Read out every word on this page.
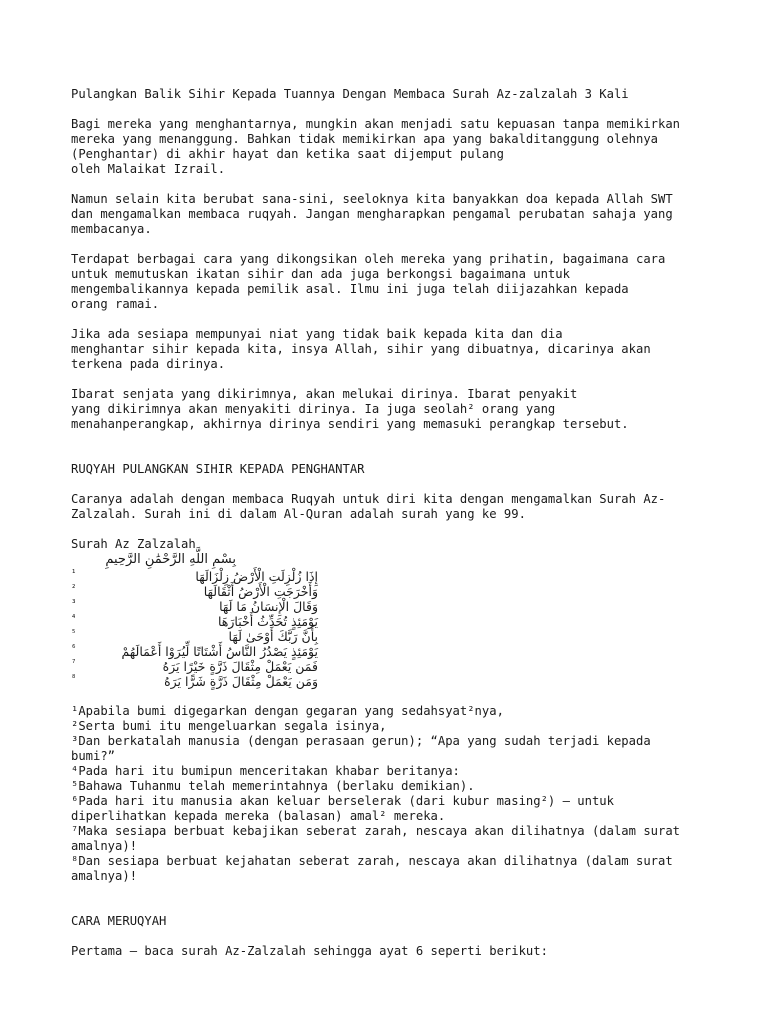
Pulangkan Balik Sihir Kepada Tuannya Dengan Membaca Surah Az-zalzalah 3 Kali
Bagi mereka yang menghantarnya, mungkin akan menjadi satu kepuasan tanpa memikirkan
mereka yang menanggung. Bahkan tidak memikirkan apa yang bakalditanggung olehnya
(Penghantar) di akhir hayat dan ketika saat dijemput pulang
oleh Malaikat Izrail.
Namun selain kita berubat sana-sini, seeloknya kita banyakkan doa kepada Allah SWT
dan mengamalkan membaca ruqyah. Jangan mengharapkan pengamal perubatan sahaja yang
membacanya.
Terdapat berbagai cara yang dikongsikan oleh mereka yang prihatin, bagaimana cara
untuk memutuskan ikatan sihir dan ada juga berkongsi bagaimana untuk
mengembalikannya kepada pemilik asal. Ilmu ini juga telah diijazahkan kepada
orang ramai.
Jika ada sesiapa mempunyai niat yang tidak baik kepada kita dan dia
menghantar sihir kepada kita, insya Allah, sihir yang dibuatnya, dicarinya akan
terkena pada dirinya.
Ibarat senjata yang dikirimnya, akan melukai dirinya. Ibarat penyakit
yang dikirimnya akan menyakiti dirinya. Ia juga seolah² orang yang
menahanperangkap, akhirnya dirinya sendiri yang memasuki perangkap tersebut.
RUQYAH PULANGKAN SIHIR KEPADA PENGHANTAR
Caranya adalah dengan membaca Ruqyah untuk diri kita dengan mengamalkan Surah Az-
Zalzalah. Surah ini di dalam Al-Quran adalah surah yang ke 99.
Surah Az Zalzalah
بِسْمِ اللَّهِ الرَّحْمَٰنِ الرَّحِيمِ
¹	إِذَا زُلْزِلَتِ الْأَرْضُ زِلْزَالَهَا
²	وَأَخْرَجَتِ الْأَرْضُ أَثْقَالَهَا
³	وَقَالَ الْإِنسَانُ مَا لَهَا
⁴	يَوْمَئِذٍ تُحَدِّثُ أَخْبَارَهَا
⁵	بِأَنَّ رَبَّكَ أَوْحَىٰ لَهَا
⁶	يَوْمَئِذٍ يَصْدُرُ النَّاسُ أَشْتَاتًا لِّيُرَوْا أَعْمَالَهُمْ
⁷	فَمَن يَعْمَلْ مِثْقَالَ ذَرَّةٍ خَيْرًا يَرَهُ
⁸	وَمَن يَعْمَلْ مِثْقَالَ ذَرَّةٍ شَرًّا يَرَهُ
¹Apabila bumi digegarkan dengan gegaran yang sedahsyat²nya,
²Serta bumi itu mengeluarkan segala isinya,
³Dan berkatalah manusia (dengan perasaan gerun); “Apa yang sudah terjadi kepada
bumi?”
⁴Pada hari itu bumipun menceritakan khabar beritanya:
⁵Bahawa Tuhanmu telah memerintahnya (berlaku demikian).
⁶Pada hari itu manusia akan keluar berselerak (dari kubur masing²) – untuk
diperlihatkan kepada mereka (balasan) amal² mereka.
⁷Maka sesiapa berbuat kebajikan seberat zarah, nescaya akan dilihatnya (dalam surat
amalnya)!
⁸Dan sesiapa berbuat kejahatan seberat zarah, nescaya akan dilihatnya (dalam surat
amalnya)!
CARA MERUQYAH
Pertama – baca surah Az-Zalzalah sehingga ayat 6 seperti berikut:
